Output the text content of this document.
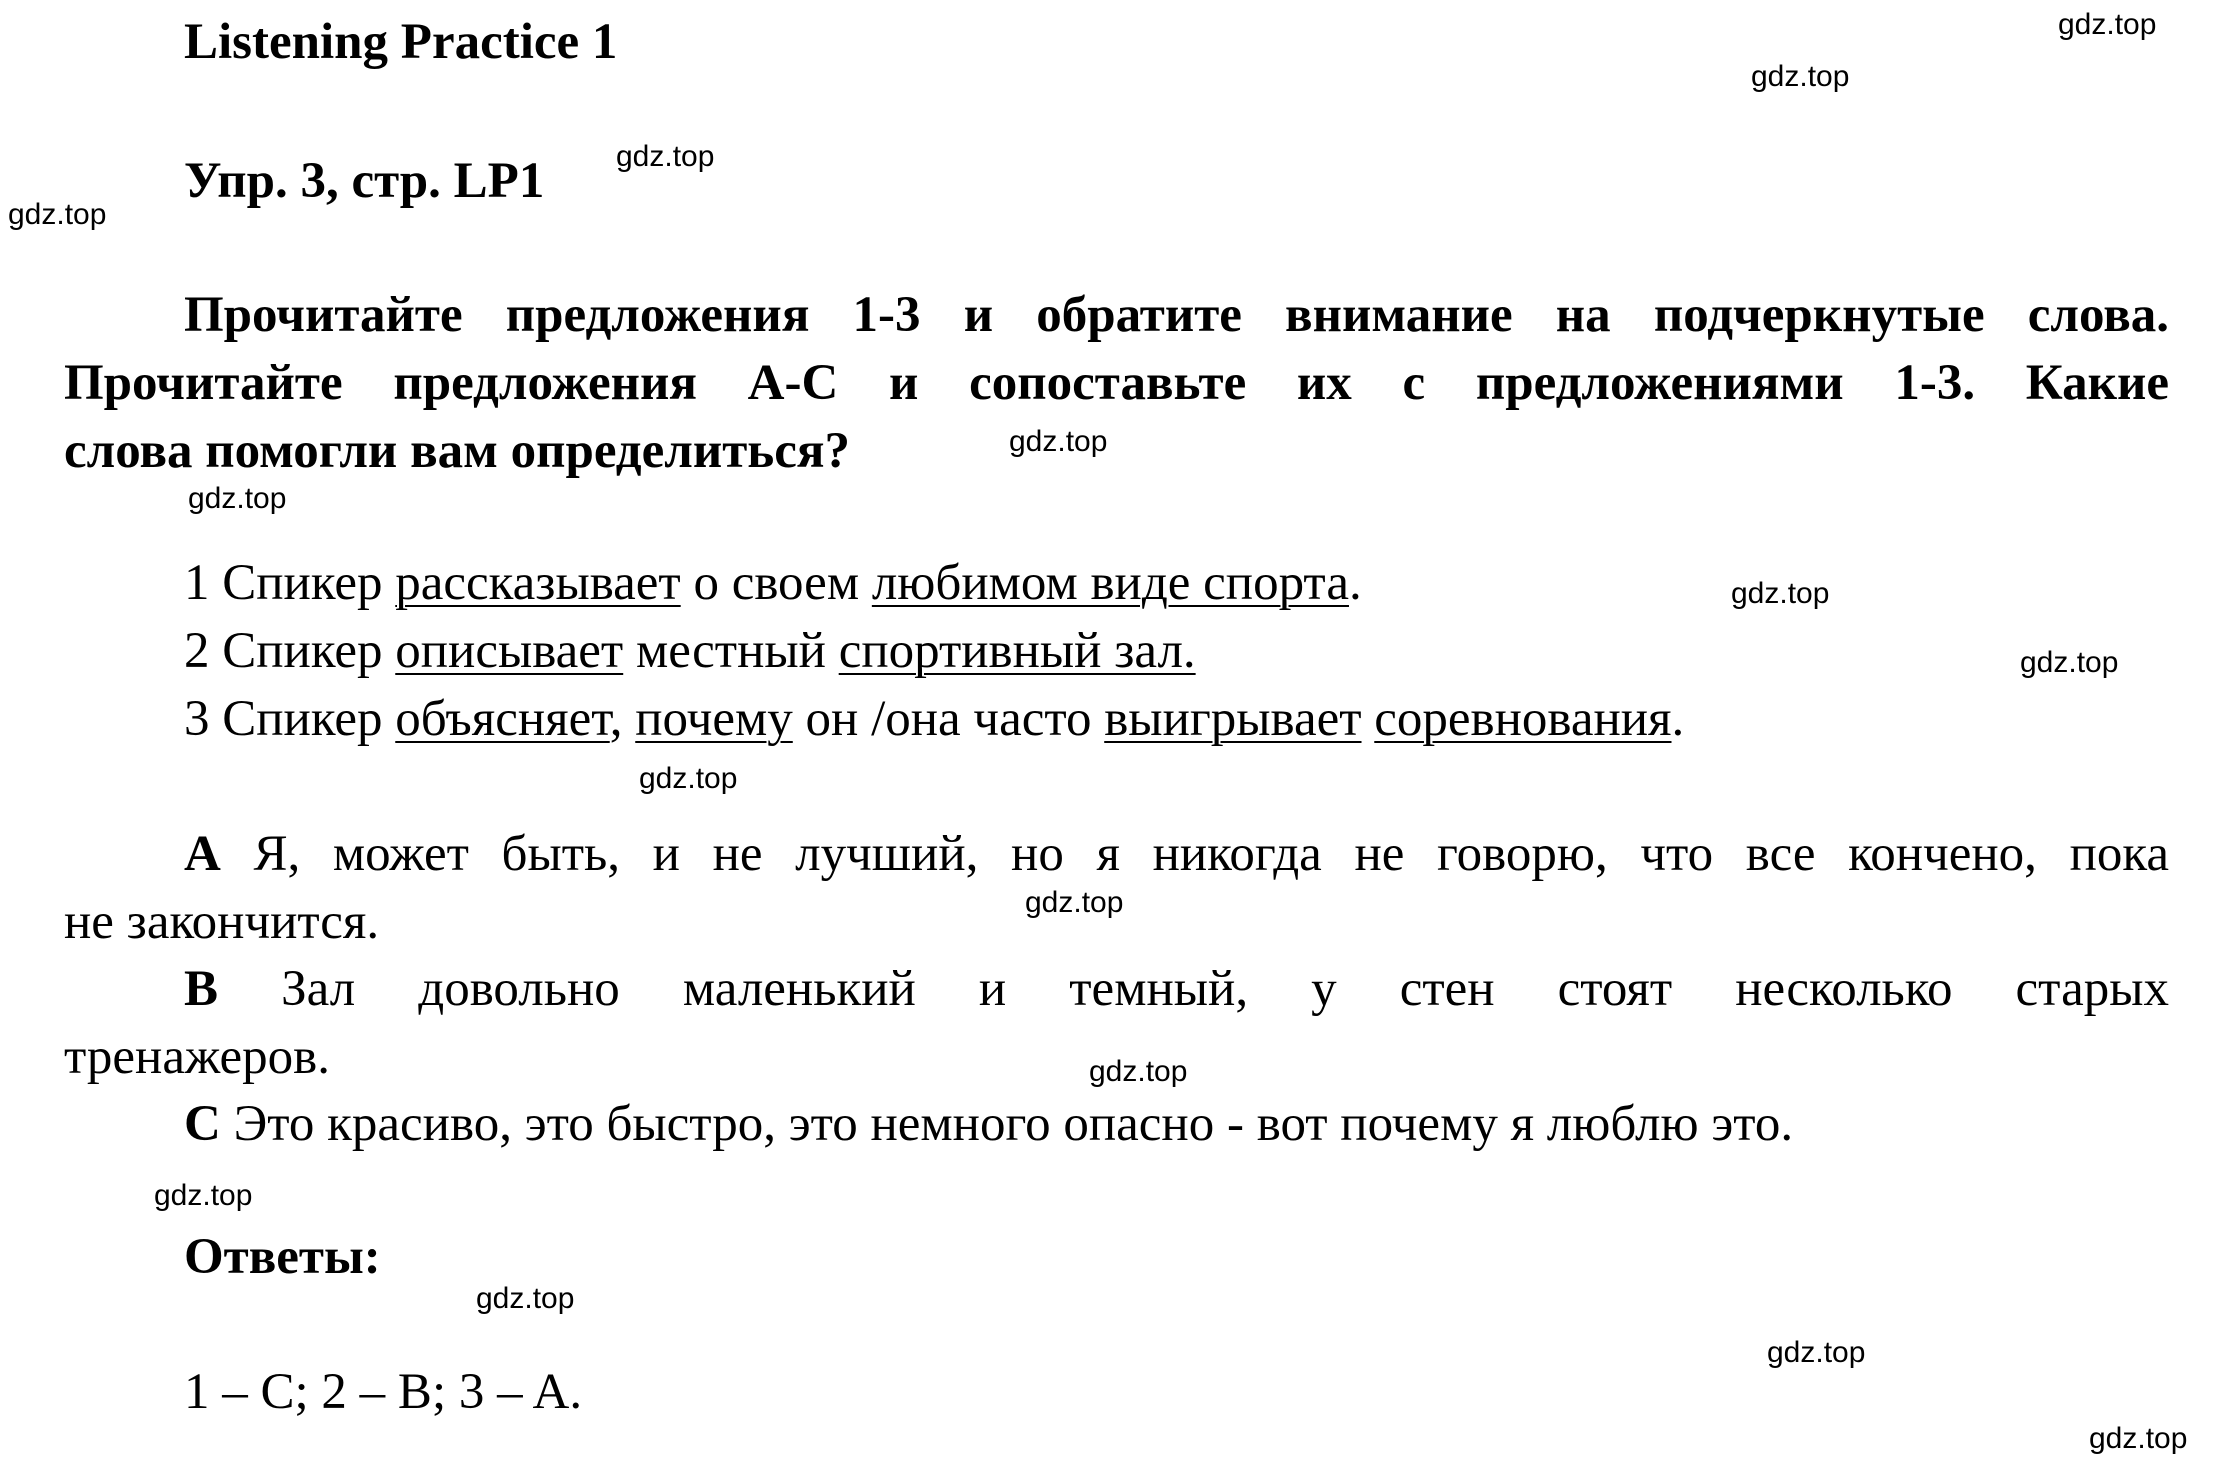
Listening Practice 1
Упр. 3, стр. LP1
Прочитайте предложения 1-3 и обратите внимание на подчеркнутые слова.
Прочитайте предложения A-C и сопоставьте их с предложениями 1-3. Какие
слова помогли вам определиться?
1 Спикер рассказывает о своем любимом виде спорта.
2 Спикер описывает местный спортивный зал.
3 Спикер объясняет, почему он /она часто выигрывает соревнования.
A Я, может быть, и не лучший, но я никогда не говорю, что все кончено, пока
не закончится.
B Зал довольно маленький и темный, у стен стоят несколько старых
тренажеров.
C Это красиво, это быстро, это немного опасно - вот почему я люблю это.
Ответы:
1 – C; 2 – B; 3 – A.
gdz.top
gdz.top
gdz.top
gdz.top
gdz.top
gdz.top
gdz.top
gdz.top
gdz.top
gdz.top
gdz.top
gdz.top
gdz.top
gdz.top
gdz.top
